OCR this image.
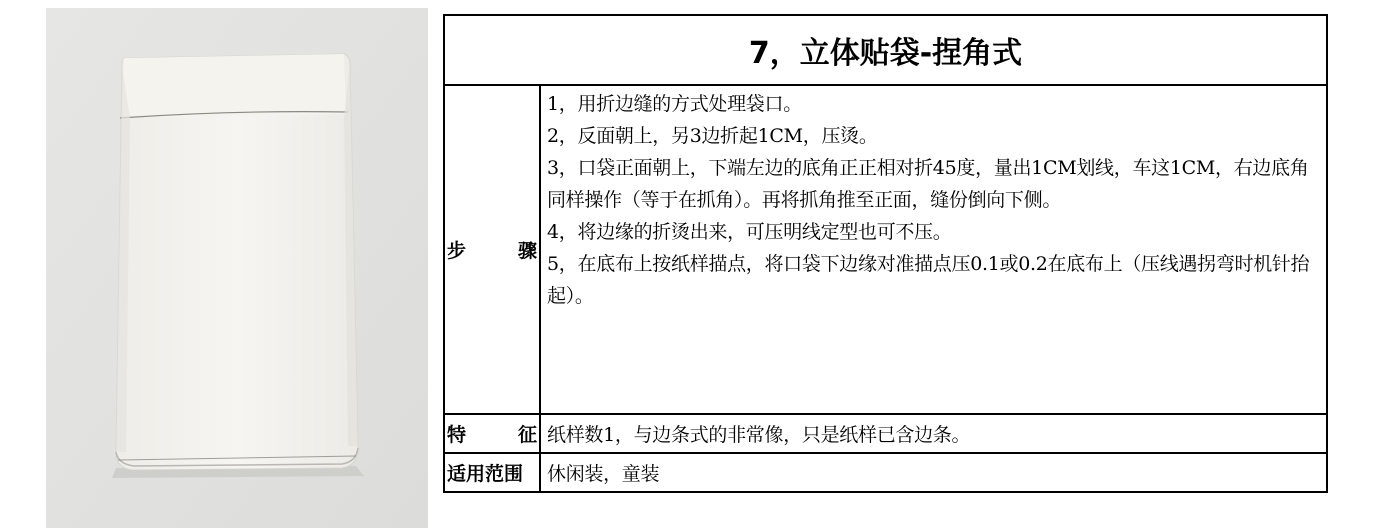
7，立体贴袋-捏角式	

步 骤	1，用折边缝的方式处理袋口。
2，反面朝上，另3边折起1CM，压烫。
3，口袋正面朝上，下端左边的底角正正相对折45度，量出1CM划线，车这1CM，右边底角同样操作（等于在抓角）。再将抓角推至正面，缝份倒向下侧。
4，将边缘的折烫出来，可压明线定型也可不压。
5，在底布上按纸样描点，将口袋下边缘对准描点压0.1或0.2在底布上（压线遇拐弯时机针抬起）。

特 征	纸样数1，与边条式的非常像，只是纸样已含边条。
适用范围	休闲装，童装
